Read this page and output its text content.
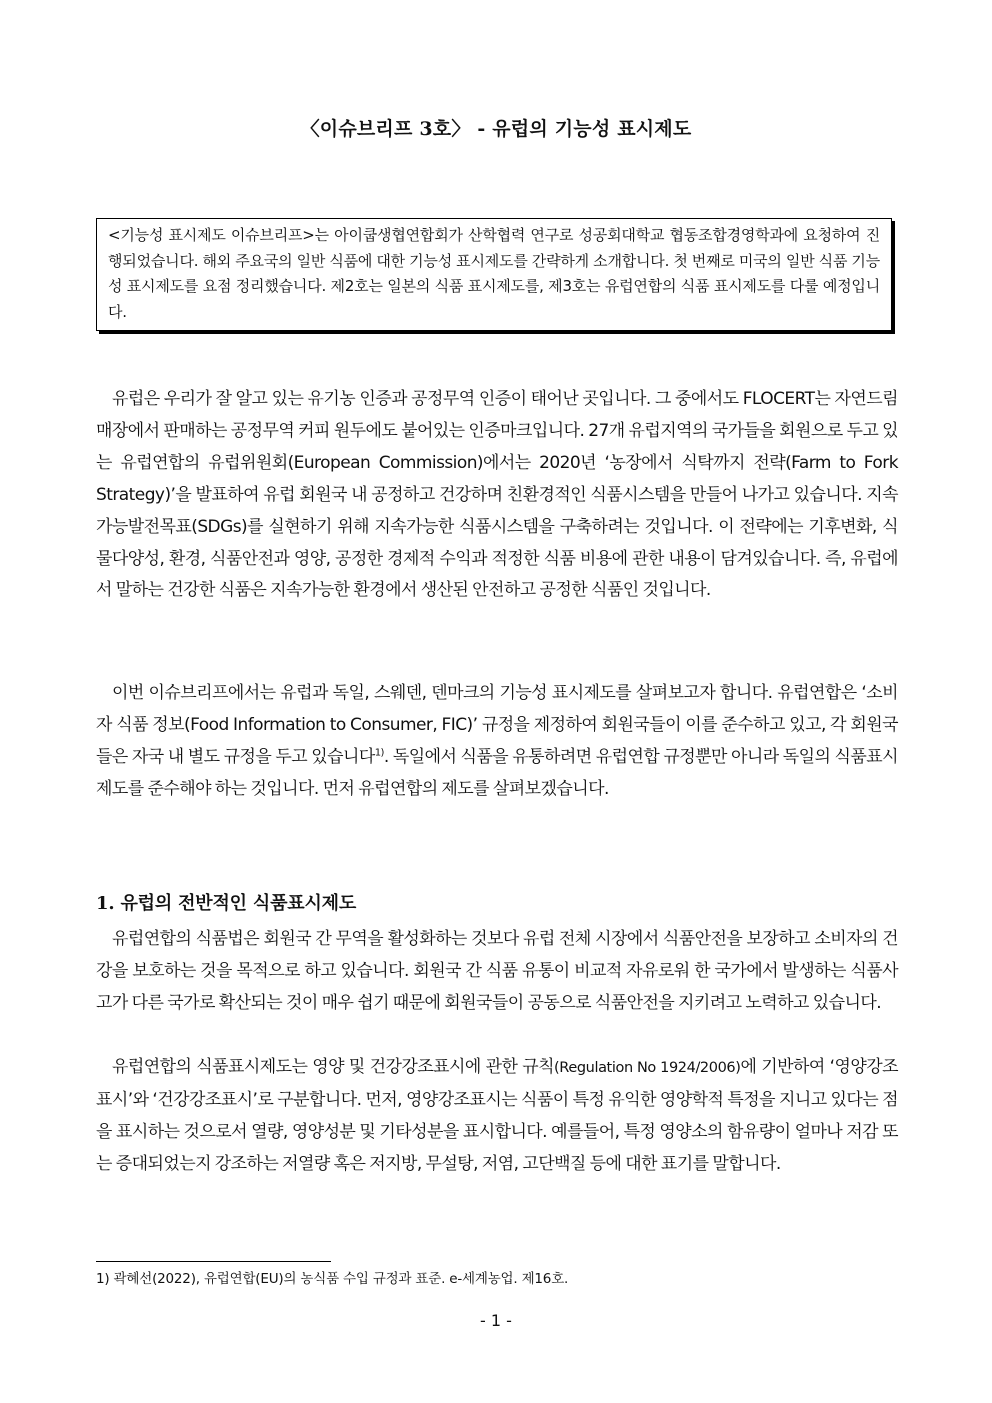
〈이슈브리프 3호〉 - 유럽의 기능성 표시제도
<기능성 표시제도 이슈브리프>는 아이쿱생협연합회가 산학협력 연구로 성공회대학교 협동조합경영학과에 요청하여 진행되었습니다. 해외 주요국의 일반 식품에 대한 기능성 표시제도를 간략하게 소개합니다. 첫 번째로 미국의 일반 식품 기능성 표시제도를 요점 정리했습니다. 제2호는 일본의 식품 표시제도를, 제3호는 유럽연합의 식품 표시제도를 다룰 예정입니다.

유럽은 우리가 잘 알고 있는 유기농 인증과 공정무역 인증이 태어난 곳입니다. 그 중에서도 FLOCERT는 자연드림 매장에서 판매하는 공정무역 커피 원두에도 붙어있는 인증마크입니다. 27개 유럽지역의 국가들을 회원으로 두고 있는 유럽연합의 유럽위원회(European Commission)에서는 2020년 ‘농장에서 식탁까지 전략(Farm to Fork Strategy)’을 발표하여 유럽 회원국 내 공정하고 건강하며 친환경적인 식품시스템을 만들어 나가고 있습니다. 지속가능발전목표(SDGs)를 실현하기 위해 지속가능한 식품시스템을 구축하려는 것입니다. 이 전략에는 기후변화, 식물다양성, 환경, 식품안전과 영양, 공정한 경제적 수익과 적정한 식품 비용에 관한 내용이 담겨있습니다. 즉, 유럽에서 말하는 건강한 식품은 지속가능한 환경에서 생산된 안전하고 공정한 식품인 것입니다.

이번 이슈브리프에서는 유럽과 독일, 스웨덴, 덴마크의 기능성 표시제도를 살펴보고자 합니다. 유럽연합은 ‘소비자 식품 정보(Food Information to Consumer, FIC)’ 규정을 제정하여 회원국들이 이를 준수하고 있고, 각 회원국들은 자국 내 별도 규정을 두고 있습니다$^{1)}$. 독일에서 식품을 유통하려면 유럽연합 규정뿐만 아니라 독일의 식품표시제도를 준수해야 하는 것입니다. 먼저 유럽연합의 제도를 살펴보겠습니다.

1. 유럽의 전반적인 식품표시제도

유럽연합의 식품법은 회원국 간 무역을 활성화하는 것보다 유럽 전체 시장에서 식품안전을 보장하고 소비자의 건강을 보호하는 것을 목적으로 하고 있습니다. 회원국 간 식품 유통이 비교적 자유로워 한 국가에서 발생하는 식품사고가 다른 국가로 확산되는 것이 매우 쉽기 때문에 회원국들이 공동으로 식품안전을 지키려고 노력하고 있습니다.

유럽연합의 식품표시제도는 영양 및 건강강조표시에 관한 규칙(Regulation No 1924/2006)에 기반하여 ‘영양강조표시’와 ‘건강강조표시’로 구분합니다. 먼저, 영양강조표시는 식품이 특정 유익한 영양학적 특정을 지니고 있다는 점을 표시하는 것으로서 열량, 영양성분 및 기타성분을 표시합니다. 예를들어, 특정 영양소의 함유량이 얼마나 저감 또는 증대되었는지 강조하는 저열량 혹은 저지방, 무설탕, 저염, 고단백질 등에 대한 표기를 말합니다.

1) 곽혜선(2022), 유럽연합(EU)의 농식품 수입 규정과 표준. e-세계농업. 제16호.
- 1 -
